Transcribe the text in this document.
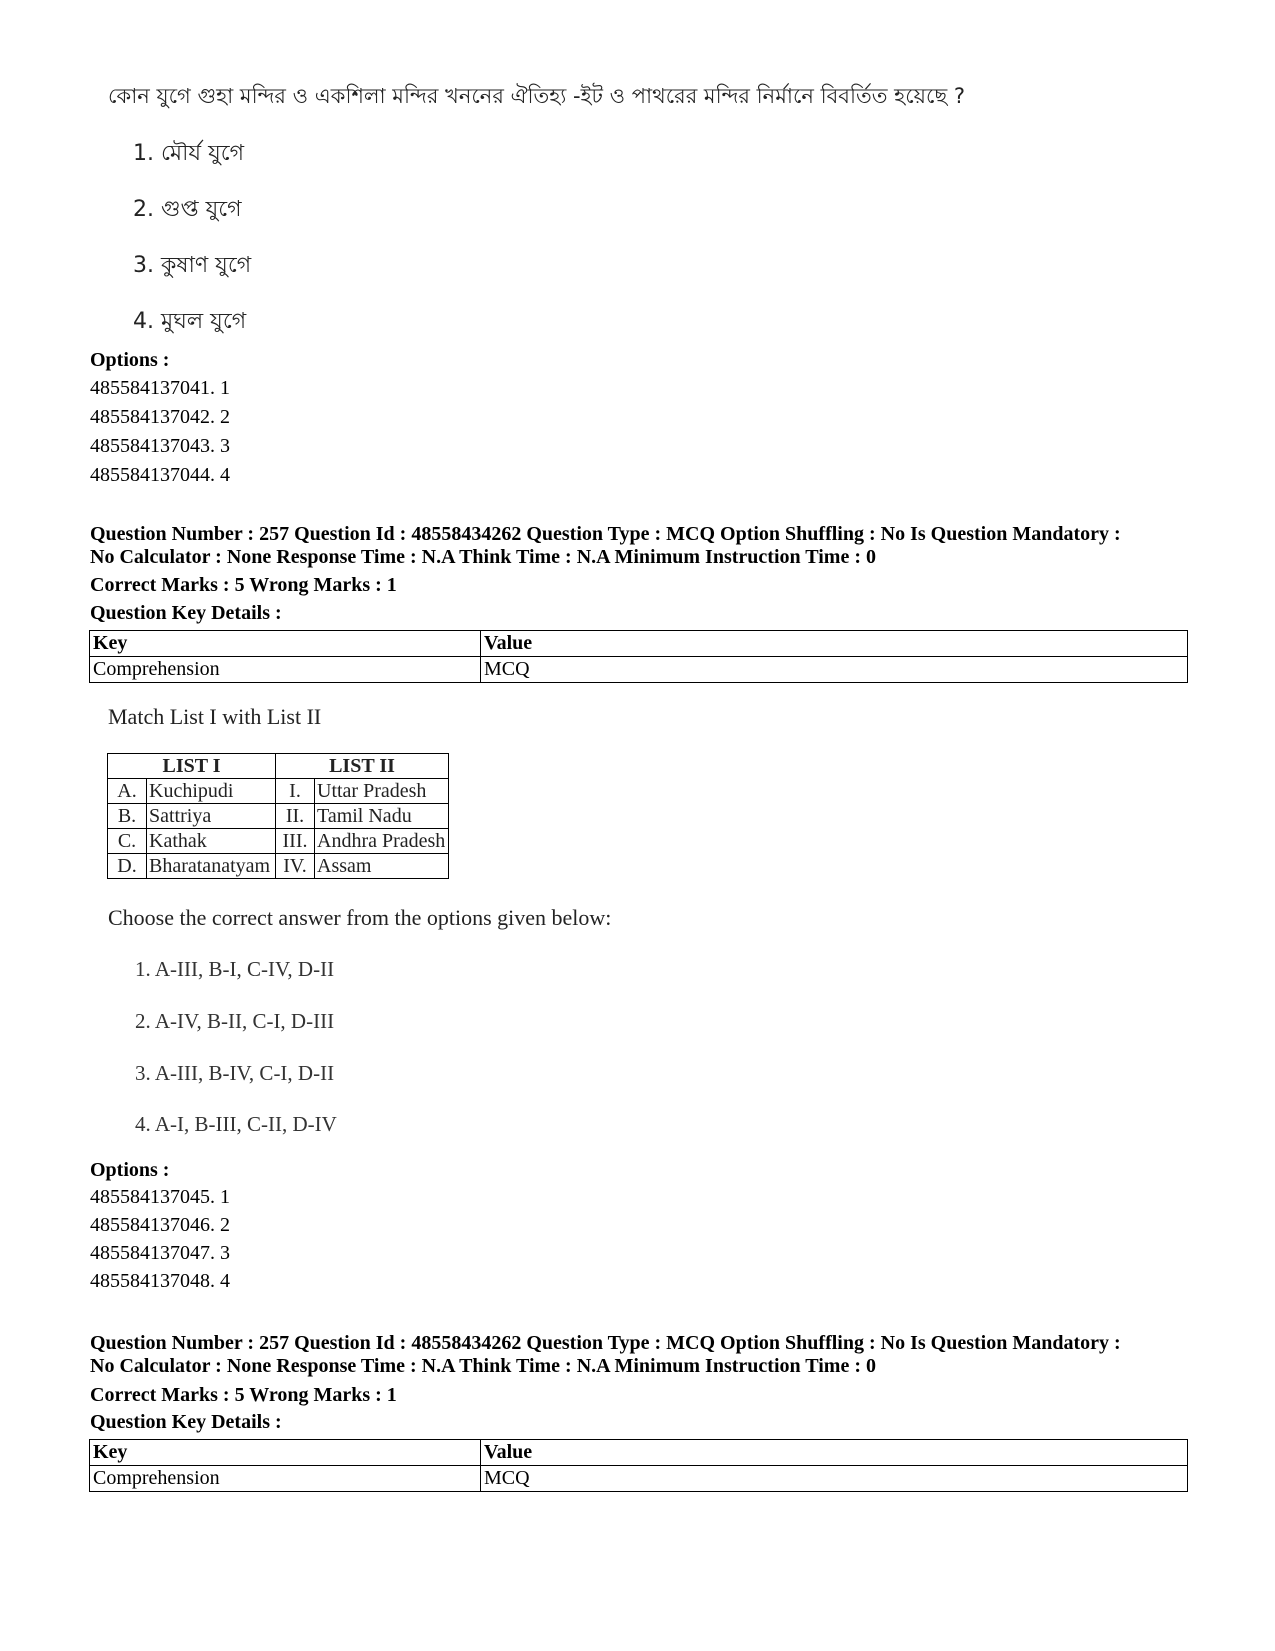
কোন যুগে গুহা মন্দির ও একশিলা মন্দির খননের ঐতিহ্য -ইট ও পাথরের মন্দির নির্মানে বিবর্তিত হয়েছে ?
1. মৌর্য যুগে
2. গুপ্ত যুগে
3. কুষাণ যুগে
4. মুঘল যুগে
Options :
485584137041. 1
485584137042. 2
485584137043. 3
485584137044. 4
Question Number : 257 Question Id : 48558434262 Question Type : MCQ Option Shuffling : No Is Question Mandatory :
No Calculator : None Response Time : N.A Think Time : N.A Minimum Instruction Time : 0
Correct Marks : 5 Wrong Marks : 1
Question Key Details :
Key	Value
Comprehension	MCQ
Match List I with List II
LIST I		LIST II	
A.	Kuchipudi	I.	Uttar Pradesh
B.	Sattriya	II.	Tamil Nadu
C.	Kathak	III.	Andhra Pradesh
D.	Bharatanatyam	IV.	Assam
Choose the correct answer from the options given below:
1. A-III, B-I, C-IV, D-II
2. A-IV, B-II, C-I, D-III
3. A-III, B-IV, C-I, D-II
4. A-I, B-III, C-II, D-IV
Options :
485584137045. 1
485584137046. 2
485584137047. 3
485584137048. 4
Question Number : 257 Question Id : 48558434262 Question Type : MCQ Option Shuffling : No Is Question Mandatory :
No Calculator : None Response Time : N.A Think Time : N.A Minimum Instruction Time : 0
Correct Marks : 5 Wrong Marks : 1
Question Key Details :
Key	Value
Comprehension	MCQ
